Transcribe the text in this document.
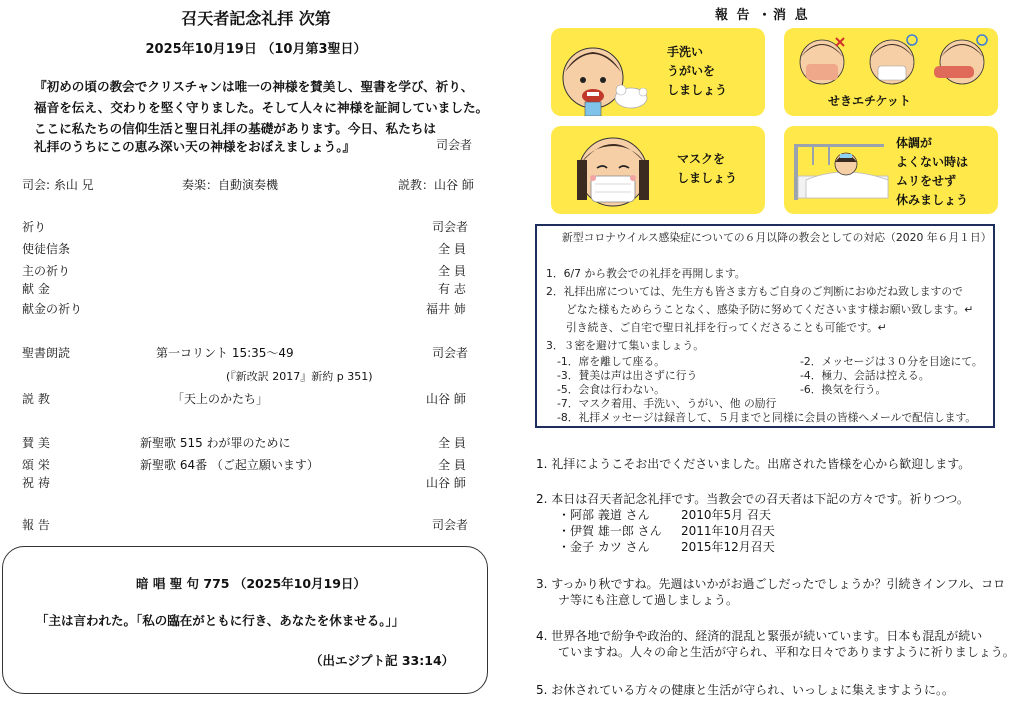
召天者記念礼拝 次第
2025年10月19日 （10月第3聖日）
『初めの頃の教会でクリスチャンは唯一の神様を賛美し、聖書を学び、祈り、
福音を伝え、交わりを堅く守りました。そして人々に神様を証詞していました。
ここに私たちの信仰生活と聖日礼拝の基礎があります。今日、私たちは
礼拝のうちにこの恵み深い天の神様をおぼえましょう。』	司会者
司会: 糸山 兄	奏楽：自動演奏機	説教：山谷 師
祈り	司会者
使徒信条	全 員
主の祈り	全 員
献 金	有 志
献金の祈り	福井 姉
聖書朗読	第一コリント 15:35～49	司会者
(『新改訳 2017』新約 p 351)
説 教	「天上のかたち」	山谷 師
賛 美	新聖歌 515 わが罪のために	全 員
頌 栄	新聖歌 64番 （ご起立願います）	全 員
祝 祷	山谷 師
報 告	司会者
暗 唱 聖 句 775 （2025年10月19日）
「主は言われた。「私の臨在がともに行き、あなたを休ませる。」」
（出エジプト記 33:14）
報 告 ・消 息
手洗い
うがいを
しましょう
せきエチケット
マスクを
しましょう
体調が
よくない時は
ムリをせず
休みましょう
新型コロナウイルス感染症についての６月以降の教会としての対応（2020 年６月１日）
1．6/7 から教会での礼拝を再開します。
2．礼拝出席については、先生方も皆さま方もご自身のご判断におゆだね致しますので
どなた様もためらうことなく、感染予防に努めてくださいます様お願い致します。↵
引き続き、ご自宅で聖日礼拝を行ってくださることも可能です。↵
3．３密を避けて集いましょう。
-1．席を離して座る。	-2．メッセージは３０分を目途にて。
-3．賛美は声は出さずに行う	-4．極力、会話は控える。
-5．会食は行わない。	-6．換気を行う。
-7．マスク着用、手洗い、うがい、他 の励行
-8．礼拝メッセージは録音して、５月までと同様に会員の皆様へメールで配信します。
1. 礼拝にようこそお出でくださいました。出席された皆様を心から歓迎します。
2. 本日は召天者記念礼拝です。当教会での召天者は下記の方々です。祈りつつ。
・阿部 義道 さん	2010年5月 召天
・伊賀 雄一郎 さん 2011年10月召天
・金子 カツ さん	2015年12月召天
3. すっかり秋ですね。先週はいかがお過ごしだったでしょうか？引続きインフル、コロ
ナ等にも注意して過しましょう。
4. 世界各地で紛争や政治的、経済的混乱と緊張が続いています。日本も混乱が続い
ていますね。人々の命と生活が守られ、平和な日々でありますように祈りましょう。
5. お休されている方々の健康と生活が守られ、いっしょに集えますように。。
